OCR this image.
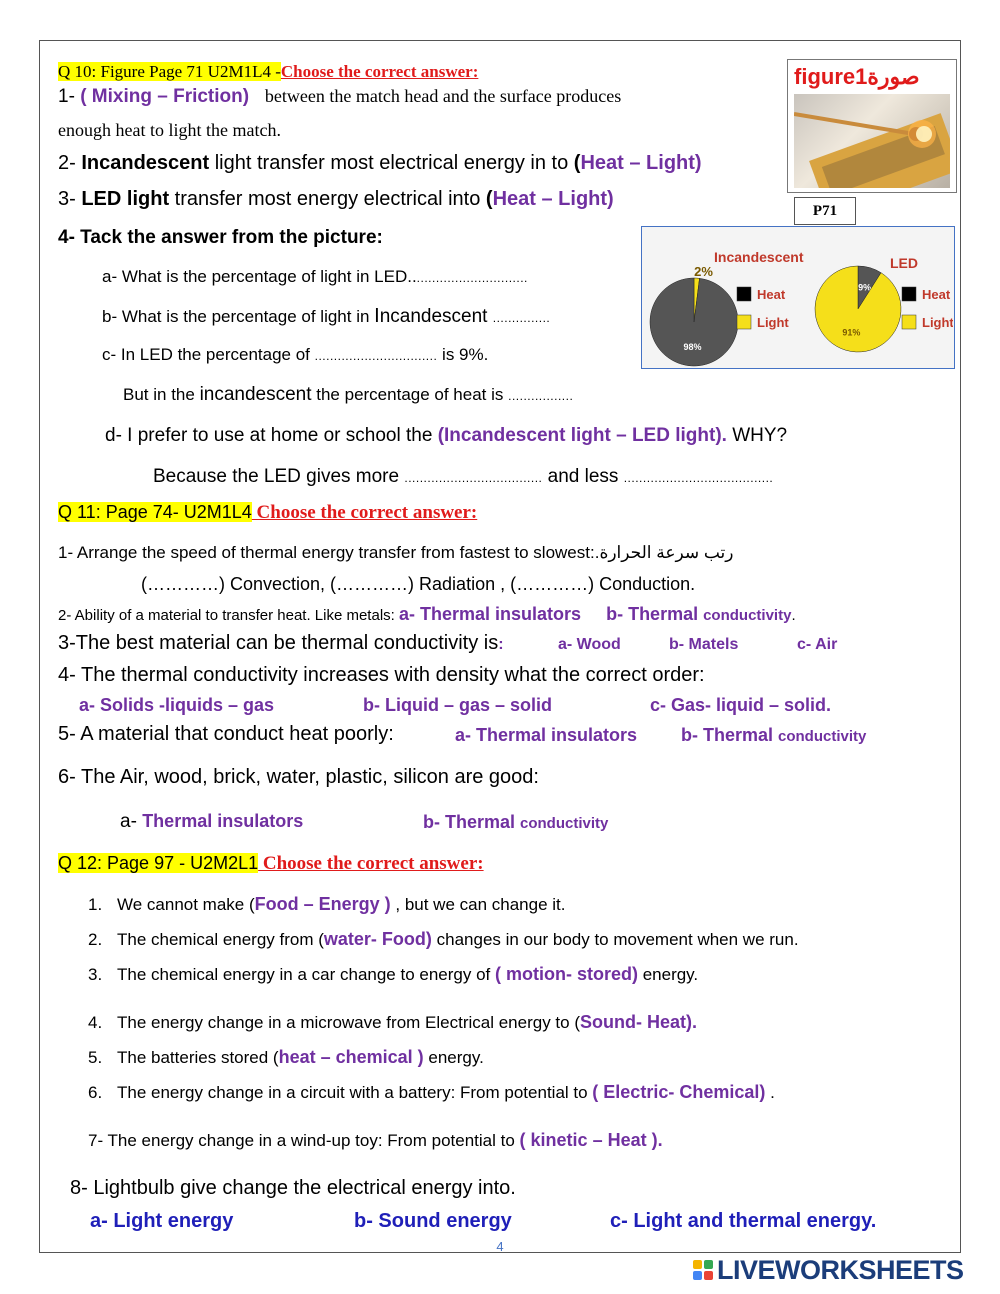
Q 10: Figure Page 71 U2M1L4 -Choose the correct answer:	figure1صورة
P71
1- ( Mixing – Friction) between the match head and the surface produces
enough heat to light the match.
2- Incandescent light transfer most electrical energy in to (Heat – Light)
3- LED light transfer most energy electrical into (Heat – Light)
4- Tack the answer from the picture:
2%
98%
Incandescent
Heat
Light
9%
91%
LED
Heat
Light
a- What is the percentage of light in LED...............................
b- What is the percentage of light in Incandescent ...............
c- In LED the percentage of ................................ is 9%.
But in the incandescent the percentage of heat is .................
d- I prefer to use at home or school the (Incandescent light – LED light). WHY?
Because the LED gives more .................................... and less .......................................
Q 11: Page 74- U2M1L4 Choose the correct answer:
1- Arrange the speed of thermal energy transfer from fastest to slowest:.رتب سرعة الحرارة
(…………) Convection, (…………) Radiation , (…………) Conduction.
2- Ability of a material to transfer heat. Like metals: a- Thermal insulators b- Thermal conductivity.
3-The best material can be thermal conductivity is:	a- Wood	b- Matels	c- Air
4- The thermal conductivity increases with density what the correct order:
a- Solids -liquids – gas	b- Liquid – gas – solid	c- Gas- liquid – solid.
5- A material that conduct heat poorly:	a- Thermal insulators b- Thermal conductivity
6- The Air, wood, brick, water, plastic, silicon are good:
a- Thermal insulators	b- Thermal conductivity
Q 12: Page 97 - U2M2L1 Choose the correct answer:
1. We cannot make (Food – Energy ) , but we can change it.
2. The chemical energy from (water- Food) changes in our body to movement when we run.
3. The chemical energy in a car change to energy of ( motion- stored) energy.
4. The energy change in a microwave from Electrical energy to (Sound- Heat).
5. The batteries stored (heat – chemical ) energy.
6. The energy change in a circuit with a battery: From potential to ( Electric- Chemical) .
7- The energy change in a wind-up toy: From potential to ( kinetic – Heat ).
8- Lightbulb give change the electrical energy into.
a- Light energy	b- Sound energy	c- Light and thermal energy.
4
LIVEWORKSHEETS
